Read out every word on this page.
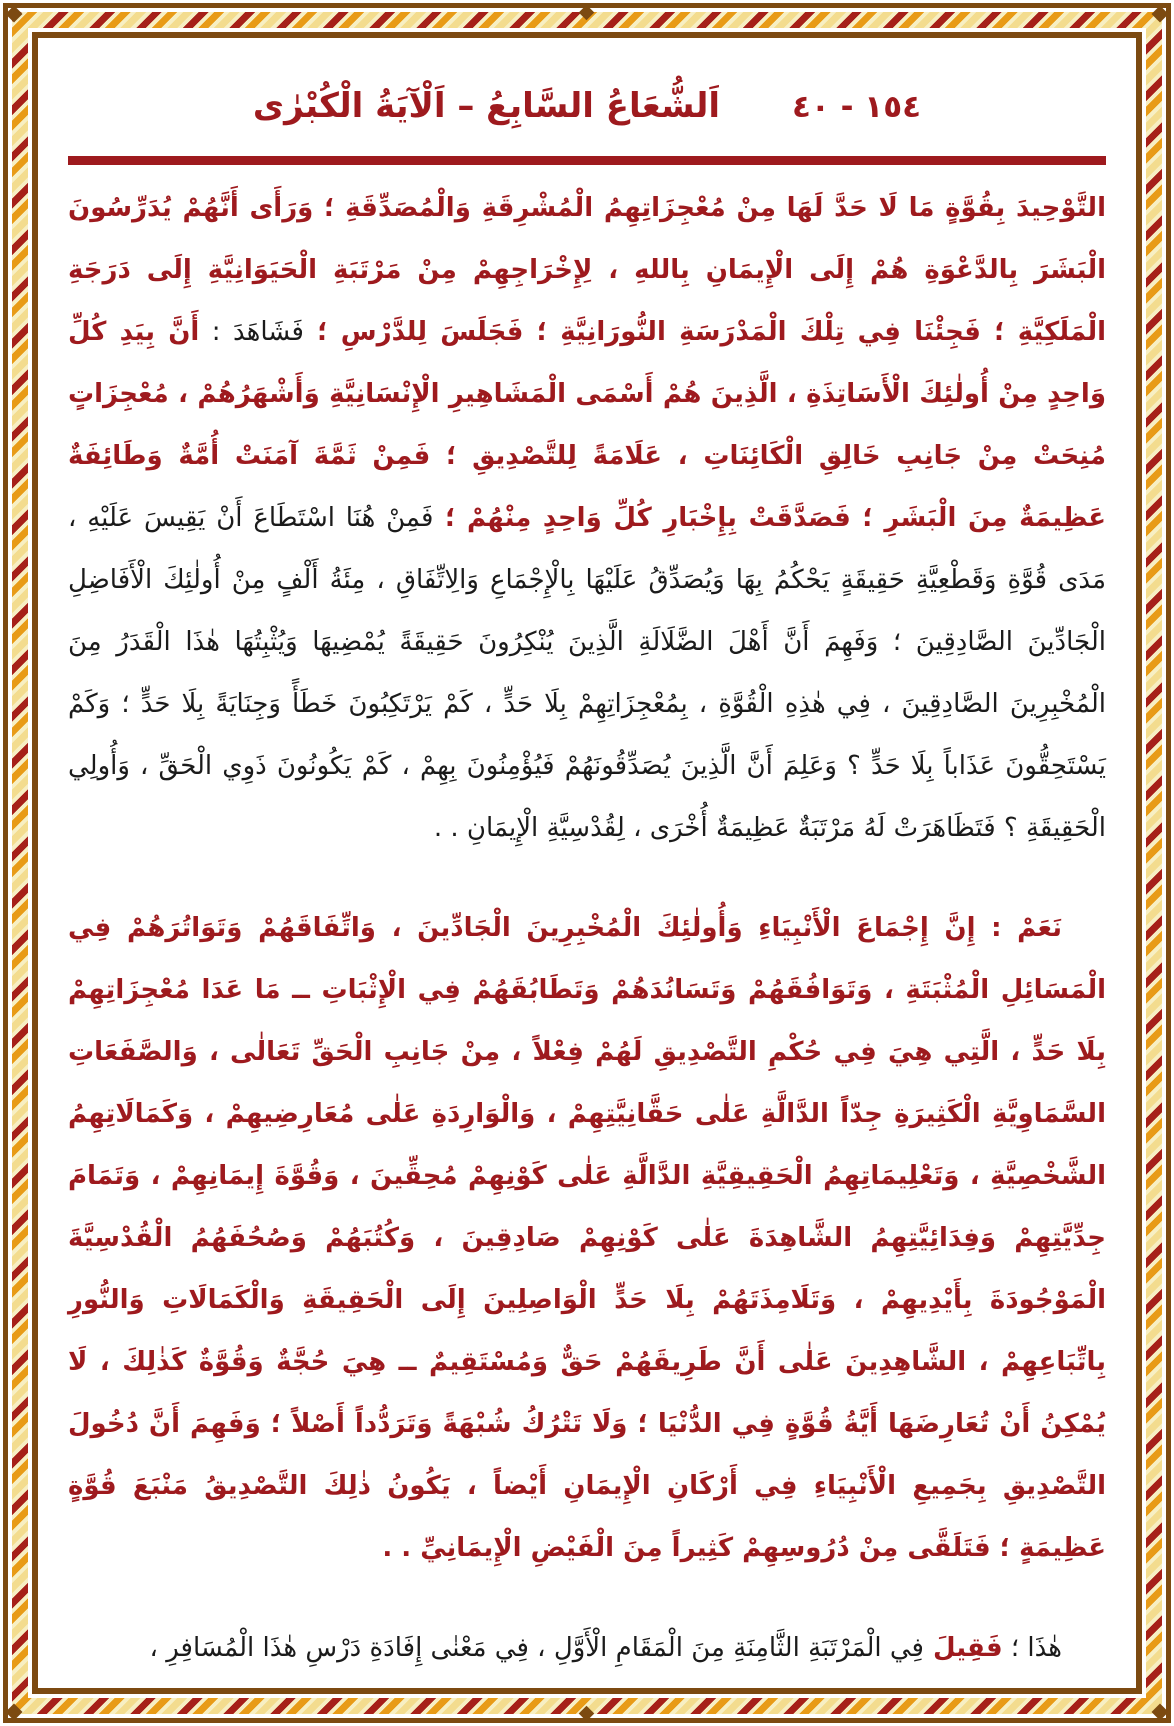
اَلشُّعَاعُ السَّابِعُ – اَلْآيَةُ الْكُبْرٰى ١٥٤ - ٤٠

التَّوْحِيدَ بِقُوَّةٍ مَا لَا حَدَّ لَهَا مِنْ مُعْجِزَاتِهِمُ الْمُشْرِقَةِ وَالْمُصَدِّقَةِ ؛ وَرَأَى أَنَّهُمْ يُدَرِّسُونَ الْبَشَرَ بِالدَّعْوَةِ هُمْ إِلَى الْإِيمَانِ بِاللهِ ، لِإِخْرَاجِهِمْ مِنْ مَرْتَبَةِ الْحَيَوَانِيَّةِ إِلَى دَرَجَةِ الْمَلَكِيَّةِ ؛ فَجِئْنَا فِي تِلْكَ الْمَدْرَسَةِ النُّورَانِيَّةِ ؛ فَجَلَسَ لِلدَّرْسِ ؛ فَشَاهَدَ : أَنَّ بِيَدِ كُلِّ وَاحِدٍ مِنْ أُولٰئِكَ الْأَسَاتِذَةِ ، الَّذِينَ هُمْ أَسْمَى الْمَشَاهِيرِ الْإِنْسَانِيَّةِ وَأَشْهَرُهُمْ ، مُعْجِزَاتٍ مُنِحَتْ مِنْ جَانِبِ خَالِقِ الْكَائِنَاتِ ، عَلَامَةً لِلتَّصْدِيقِ ؛ فَمِنْ ثَمَّةَ آمَنَتْ أُمَّةٌ وَطَائِفَةٌ عَظِيمَةٌ مِنَ الْبَشَرِ ؛ فَصَدَّقَتْ بِإِخْبَارِ كُلِّ وَاحِدٍ مِنْهُمْ ؛ فَمِنْ هُنَا اسْتَطَاعَ أَنْ يَقِيسَ عَلَيْهِ ، مَدَى قُوَّةِ وَقَطْعِيَّةِ حَقِيقَةٍ يَحْكُمُ بِهَا وَيُصَدِّقُ عَلَيْهَا بِالْإِجْمَاعِ وَالِاتِّفَاقِ ، مِئَةُ أَلْفٍ مِنْ أُولٰئِكَ الْأَفَاضِلِ الْجَادِّينَ الصَّادِقِينَ ؛ وَفَهِمَ أَنَّ أَهْلَ الضَّلَالَةِ الَّذِينَ يُنْكِرُونَ حَقِيقَةً يُمْضِيهَا وَيُثْبِتُهَا هٰذَا الْقَدَرُ مِنَ الْمُخْبِرِينَ الصَّادِقِينَ ، فِي هٰذِهِ الْقُوَّةِ ، بِمُعْجِزَاتِهِمْ بِلَا حَدٍّ ، كَمْ يَرْتَكِبُونَ خَطَأً وَجِنَايَةً بِلَا حَدٍّ ؛ وَكَمْ يَسْتَحِقُّونَ عَذَاباً بِلَا حَدٍّ ؟ وَعَلِمَ أَنَّ الَّذِينَ يُصَدِّقُونَهُمْ فَيُؤْمِنُونَ بِهِمْ ، كَمْ يَكُونُونَ ذَوِي الْحَقِّ ، وَأُولِي الْحَقِيقَةِ ؟ فَتَظَاهَرَتْ لَهُ مَرْتَبَةٌ عَظِيمَةٌ أُخْرَى ، لِقُدْسِيَّةِ الْإِيمَانِ . .

نَعَمْ : إِنَّ إِجْمَاعَ الْأَنْبِيَاءِ وَأُولٰئِكَ الْمُخْبِرِينَ الْجَادِّينَ ، وَاتِّفَاقَهُمْ وَتَوَاتُرَهُمْ فِي الْمَسَائِلِ الْمُثْبَتَةِ ، وَتَوَافُقَهُمْ وَتَسَانُدَهُمْ وَتَطَابُقَهُمْ فِي الْإِثْبَاتِ ــ مَا عَدَا مُعْجِزَاتِهِمْ بِلَا حَدٍّ ، الَّتِي هِيَ فِي حُكْمِ التَّصْدِيقِ لَهُمْ فِعْلاً ، مِنْ جَانِبِ الْحَقِّ تَعَالٰى ، وَالصَّفَعَاتِ السَّمَاوِيَّةِ الْكَثِيرَةِ جِدّاً الدَّالَّةِ عَلٰى حَقَّانِيَّتِهِمْ ، وَالْوَارِدَةِ عَلٰى مُعَارِضِيهِمْ ، وَكَمَالَاتِهِمُ الشَّخْصِيَّةِ ، وَتَعْلِيمَاتِهِمُ الْحَقِيقِيَّةِ الدَّالَّةِ عَلٰى كَوْنِهِمْ مُحِقِّينَ ، وَقُوَّةَ إِيمَانِهِمْ ، وَتَمَامَ جِدِّيَّتِهِمْ وَفِدَائِيَّتِهِمُ الشَّاهِدَةَ عَلٰى كَوْنِهِمْ صَادِقِينَ ، وَكُتُبَهُمْ وَصُحُفَهُمُ الْقُدْسِيَّةَ الْمَوْجُودَةَ بِأَيْدِيهِمْ ، وَتَلَامِذَتَهُمْ بِلَا حَدٍّ الْوَاصِلِينَ إِلَى الْحَقِيقَةِ وَالْكَمَالَاتِ وَالنُّورِ بِاتِّبَاعِهِمْ ، الشَّاهِدِينَ عَلٰى أَنَّ طَرِيقَهُمْ حَقٌّ وَمُسْتَقِيمٌ ــ هِيَ حُجَّةٌ وَقُوَّةٌ كَذٰلِكَ ، لَا يُمْكِنُ أَنْ تُعَارِضَهَا أَيَّةُ قُوَّةٍ فِي الدُّنْيَا ؛ وَلَا تَتْرُكُ شُبْهَةً وَتَرَدُّداً أَصْلاً ؛ وَفَهِمَ أَنَّ دُخُولَ التَّصْدِيقِ بِجَمِيعِ الْأَنْبِيَاءِ فِي أَرْكَانِ الْإِيمَانِ أَيْضاً ، يَكُونُ ذٰلِكَ التَّصْدِيقُ مَنْبَعَ قُوَّةٍ عَظِيمَةٍ ؛ فَتَلَقَّى مِنْ دُرُوسِهِمْ كَثِيراً مِنَ الْفَيْضِ الْإِيمَانِيِّ . .

هٰذَا ؛ فَقِيلَ فِي الْمَرْتَبَةِ الثَّامِنَةِ مِنَ الْمَقَامِ الْأَوَّلِ ، فِي مَعْنٰى إِفَادَةِ دَرْسِ هٰذَا الْمُسَافِرِ ،
